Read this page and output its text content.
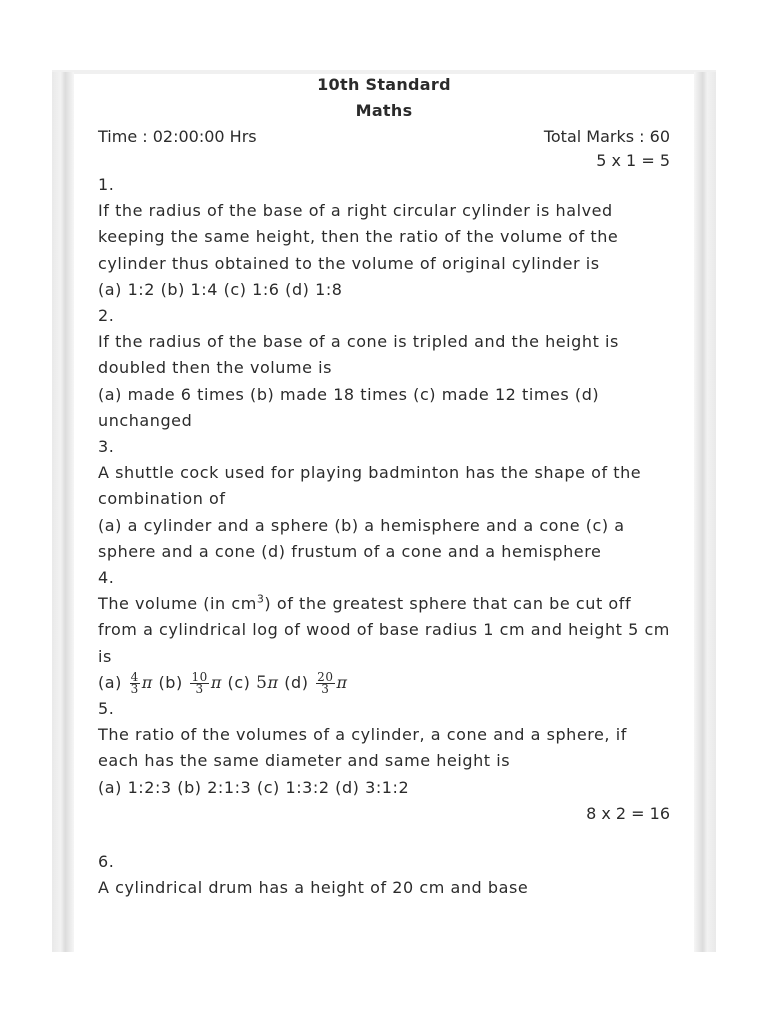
10th Standard
Maths
Time : 02:00:00 Hrs	Total Marks : 60
5 x 1 = 5
1.
If the radius of the base of a right circular cylinder is halved keeping the same height, then the ratio of the volume of the cylinder thus obtained to the volume of original cylinder is
(a) 1:2 (b) 1:4 (c) 1:6 (d) 1:8
2.
If the radius of the base of a cone is tripled and the height is doubled then the volume is
(a) made 6 times (b) made 18 times (c) made 12 times (d) unchanged
3.
A shuttle cock used for playing badminton has the shape of the combination of
(a) a cylinder and a sphere (b) a hemisphere and a cone (c) a sphere and a cone (d) frustum of a cone and a hemisphere
4.
The volume (in $cm^3$) of the greatest sphere that can be cut off from a cylindrical log of wood of base radius 1 cm and height 5 cm is
$(a) \frac{4}{3}$ π $(b) \frac{10}{3}$ π (c) 5π $(d) \frac{20}{3}$ π
5.
The ratio of the volumes of a cylinder, a cone and a sphere, if each has the same diameter and same height is
(a) 1:2:3 (b) 2:1:3 (c) 1:3:2 (d) 3:1:2
8 x 2 = 16
6.
A cylindrical drum has a height of 20 cm and base
